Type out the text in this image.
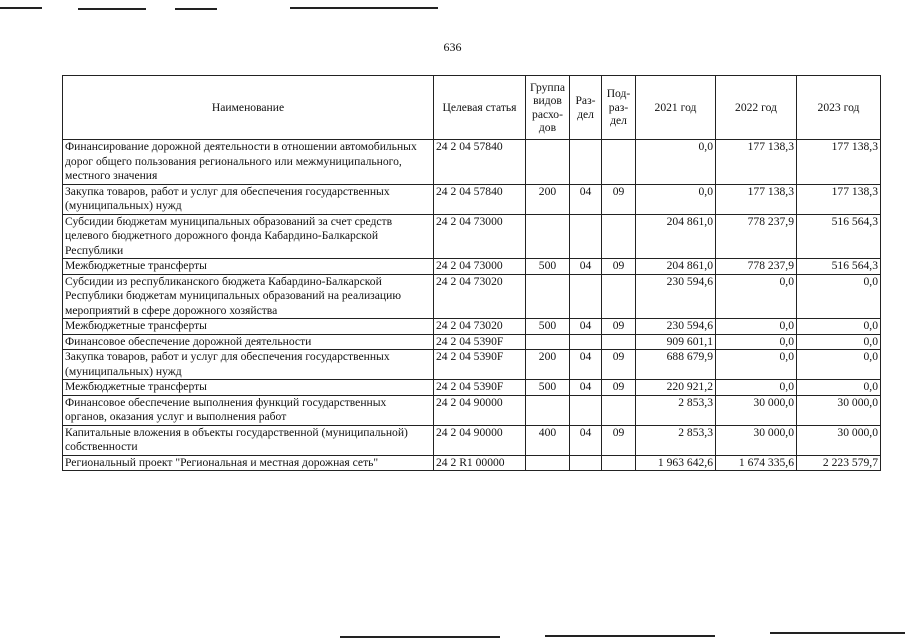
636
Наименование	Целевая статья	Группа видов расхо-дов	Раз-дел	Под-раз-дел	2021 год	2022 год	2023 год
Финансирование дорожной деятельности в отношении автомобильных дорог общего пользования регионального или межмуниципального, местного значения	24 2 04 57840				0,0	177 138,3	177 138,3
Закупка товаров, работ и услуг для обеспечения государственных (муниципальных) нужд	24 2 04 57840	200	04	09	0,0	177 138,3	177 138,3
Субсидии бюджетам муниципальных образований за счет средств целевого бюджетного дорожного фонда Кабардино-Балкарской Республики	24 2 04 73000				204 861,0	778 237,9	516 564,3
Межбюджетные трансферты	24 2 04 73000	500	04	09	204 861,0	778 237,9	516 564,3
Субсидии из республиканского бюджета Кабардино-Балкарской Республики бюджетам муниципальных образований на реализацию мероприятий в сфере дорожного хозяйства	24 2 04 73020				230 594,6	0,0	0,0
Межбюджетные трансферты	24 2 04 73020	500	04	09	230 594,6	0,0	0,0
Финансовое обеспечение дорожной деятельности	24 2 04 5390F				909 601,1	0,0	0,0
Закупка товаров, работ и услуг для обеспечения государственных (муниципальных) нужд	24 2 04 5390F	200	04	09	688 679,9	0,0	0,0
Межбюджетные трансферты	24 2 04 5390F	500	04	09	220 921,2	0,0	0,0
Финансовое обеспечение выполнения функций государственных органов, оказания услуг и выполнения работ	24 2 04 90000				2 853,3	30 000,0	30 000,0
Капитальные вложения в объекты государственной (муниципальной) собственности	24 2 04 90000	400	04	09	2 853,3	30 000,0	30 000,0
Региональный проект "Региональная и местная дорожная сеть"	24 2 R1 00000				1 963 642,6	1 674 335,6	2 223 579,7
